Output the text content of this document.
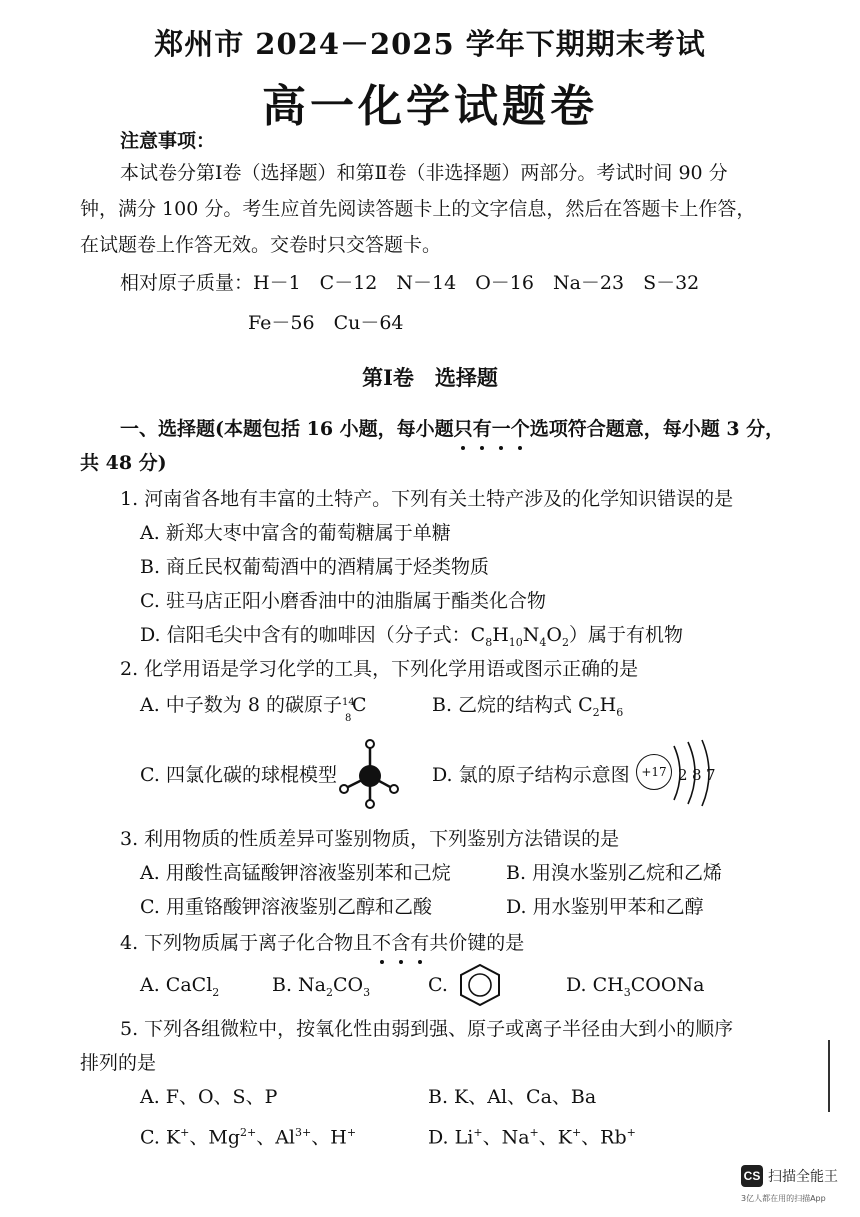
郑州市 2024－2025 学年下期期末考试
高一化学试题卷
注意事项：
本试卷分第Ⅰ卷（选择题）和第Ⅱ卷（非选择题）两部分。考试时间 90 分
钟，满分 100 分。考生应首先阅读答题卡上的文字信息，然后在答题卡上作答，
在试题卷上作答无效。交卷时只交答题卡。
相对原子质量：H－1　C－12　N－14　O－16　Na－23　S－32
Fe－56　Cu－64
第Ⅰ卷　选择题
一、选择题(本题包括 16 小题，每小题只有一个选项符合题意，每小题 3 分，
共 48 分)
1. 河南省各地有丰富的土特产。下列有关土特产涉及的化学知识错误的是
A. 新郑大枣中富含的葡萄糖属于单糖
B. 商丘民权葡萄酒中的酒精属于烃类物质
C. 驻马店正阳小磨香油中的油脂属于酯类化合物
D. 信阳毛尖中含有的咖啡因（分子式：$C_8H_{10}N_4O_2$）属于有机物
2. 化学用语是学习化学的工具，下列化学用语或图示正确的是
A. 中子数为 8 的碳原子 14
8
C	B. 乙烷的结构式 $C_2H_6$
C. 四氯化碳的球棍模型	D. 氯的原子结构示意图 +17 2 8 7
3. 利用物质的性质差异可鉴别物质，下列鉴别方法错误的是
A. 用酸性高锰酸钾溶液鉴别苯和己烷	B. 用溴水鉴别乙烷和乙烯
C. 用重铬酸钾溶液鉴别乙醇和乙酸	D. 用水鉴别甲苯和乙醇
4. 下列物质属于离子化合物且不含有共价键的是
A. CaCl$_2$	B. $Na_2CO_3$	C.	D. $CH_3COONa$
5. 下列各组微粒中，按氧化性由弱到强、原子或离子半径由大到小的顺序
排列的是
A. F、O、S、P	B. K、Al、Ca、Ba
C. K+、$Mg^{2+}$、$Al^{3+}$、H+	D. Li+、Na+、K+、Rb+
CS 扫描全能王
3亿人都在用的扫描App
